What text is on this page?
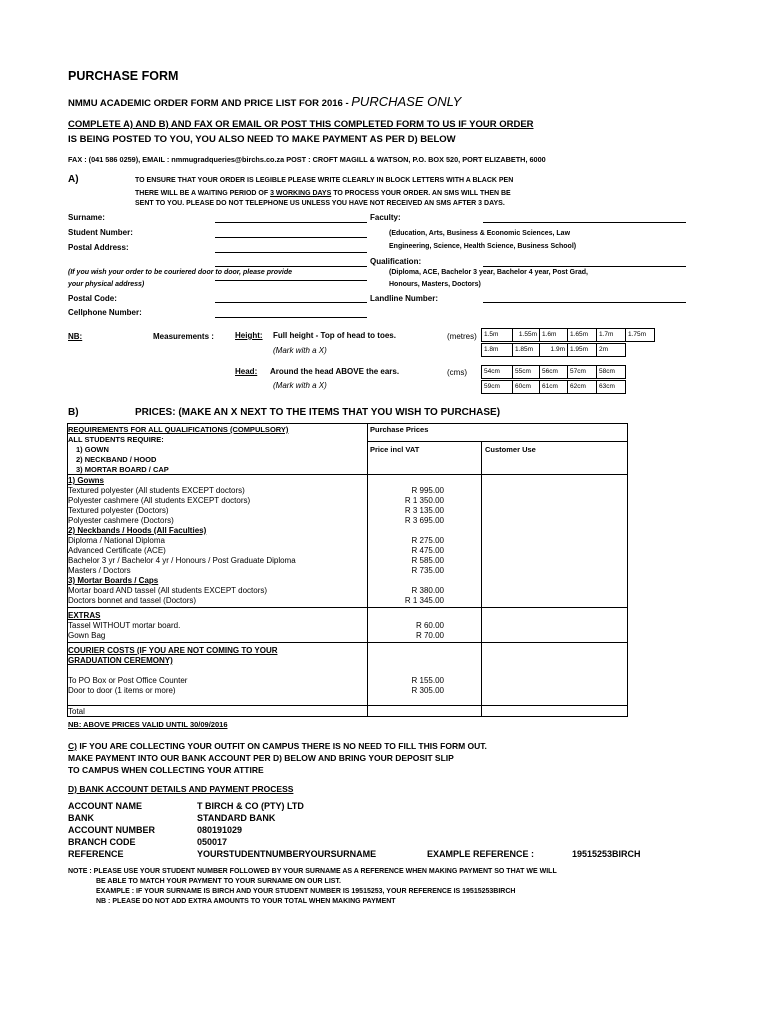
PURCHASE FORM
NMMU ACADEMIC ORDER FORM AND PRICE LIST FOR 2016 - PURCHASE ONLY
COMPLETE A) AND B) AND FAX OR EMAIL OR POST THIS COMPLETED FORM TO US IF YOUR ORDER
IS BEING POSTED TO YOU, YOU ALSO NEED TO MAKE PAYMENT AS PER D) BELOW
FAX : (041 586 0259), EMAIL : nmmugradqueries@birchs.co.za POST : CROFT MAGILL & WATSON, P.O. BOX 520, PORT ELIZABETH, 6000
A)	TO ENSURE THAT YOUR ORDER IS LEGIBLE PLEASE WRITE CLEARLY IN BLOCK LETTERS WITH A BLACK PEN
THERE WILL BE A WAITING PERIOD OF 3 WORKING DAYS TO PROCESS YOUR ORDER. AN SMS WILL THEN BE
SENT TO YOU. PLEASE DO NOT TELEPHONE US UNLESS YOU HAVE NOT RECEIVED AN SMS AFTER 3 DAYS.
Surname:	Faculty:
Student Number:	(Education, Arts, Business & Economic Sciences, Law
Postal Address:	Engineering, Science, Health Science, Business School)
Qualification:
(If you wish your order to be couriered door to door, please provide	(Diploma, ACE, Bachelor 3 year, Bachelor 4 year, Post Grad,
your physical address)	Honours, Masters, Doctors)
Postal Code:	Landline Number:
Cellphone Number:
NB:	Measurements :	Height: Full height - Top of head to toes.	(metres)
(Mark with a X)
1.5m	1.55m 1.6m	1.65m	1.7m	1.75m
1.8m	1.85m	1.9m 1.95m	2m
Head: Around the head ABOVE the ears.	(cms)
(Mark with a X)
54cm	55cm	56cm	57cm	58cm
59cm	60cm	61cm	62cm	63cm
B)	PRICES: (MAKE AN X NEXT TO THE ITEMS THAT YOU WISH TO PURCHASE)
REQUIREMENTS FOR ALL QUALIFICATIONS (COMPULSORY)	Purchase Prices
Price incl VAT	Customer Use
ALL STUDENTS REQUIRE:
1) GOWN
2) NECKBAND / HOOD
3) MORTAR BOARD / CAP
1) Gowns
Textured polyester (All students EXCEPT doctors)	R 995.00
Polyester cashmere (All students EXCEPT doctors)	R 1 350.00
Textured polyester (Doctors)	R 3 135.00
Polyester cashmere (Doctors)	R 3 695.00
2) Neckbands / Hoods (All Faculties)
Diploma / National Diploma	R 275.00
Advanced Certificate (ACE)	R 475.00
Bachelor 3 yr / Bachelor 4 yr / Honours / Post Graduate Diploma	R 585.00
Masters / Doctors	R 735.00
3) Mortar Boards / Caps
Mortar board AND tassel (All students EXCEPT doctors)	R 380.00
Doctors bonnet and tassel (Doctors)	R 1 345.00
EXTRAS
Tassel WITHOUT mortar board.	R 60.00
Gown Bag	R 70.00
COURIER COSTS (IF YOU ARE NOT COMING TO YOUR
GRADUATION CEREMONY)
To PO Box or Post Office Counter	R 155.00
Door to door (1 items or more)	R 305.00
Total
NB: ABOVE PRICES VALID UNTIL 30/09/2016
C) IF YOU ARE COLLECTING YOUR OUTFIT ON CAMPUS THERE IS NO NEED TO FILL THIS FORM OUT.
MAKE PAYMENT INTO OUR BANK ACCOUNT PER D) BELOW AND BRING YOUR DEPOSIT SLIP
TO CAMPUS WHEN COLLECTING YOUR ATTIRE
D) BANK ACCOUNT DETAILS AND PAYMENT PROCESS
ACCOUNT NAME	T BIRCH & CO (PTY) LTD
BANK	STANDARD BANK
ACCOUNT NUMBER	080191029
BRANCH CODE	050017
REFERENCE	YOURSTUDENTNUMBERYOURSURNAME	EXAMPLE REFERENCE :	19515253BIRCH
NOTE : PLEASE USE YOUR STUDENT NUMBER FOLLOWED BY YOUR SURNAME AS A REFERENCE WHEN MAKING PAYMENT SO THAT WE WILL
BE ABLE TO MATCH YOUR PAYMENT TO YOUR SURNAME ON OUR LIST.
EXAMPLE : IF YOUR SURNAME IS BIRCH AND YOUR STUDENT NUMBER IS 19515253, YOUR REFERENCE IS 19515253BIRCH
NB : PLEASE DO NOT ADD EXTRA AMOUNTS TO YOUR TOTAL WHEN MAKING PAYMENT
